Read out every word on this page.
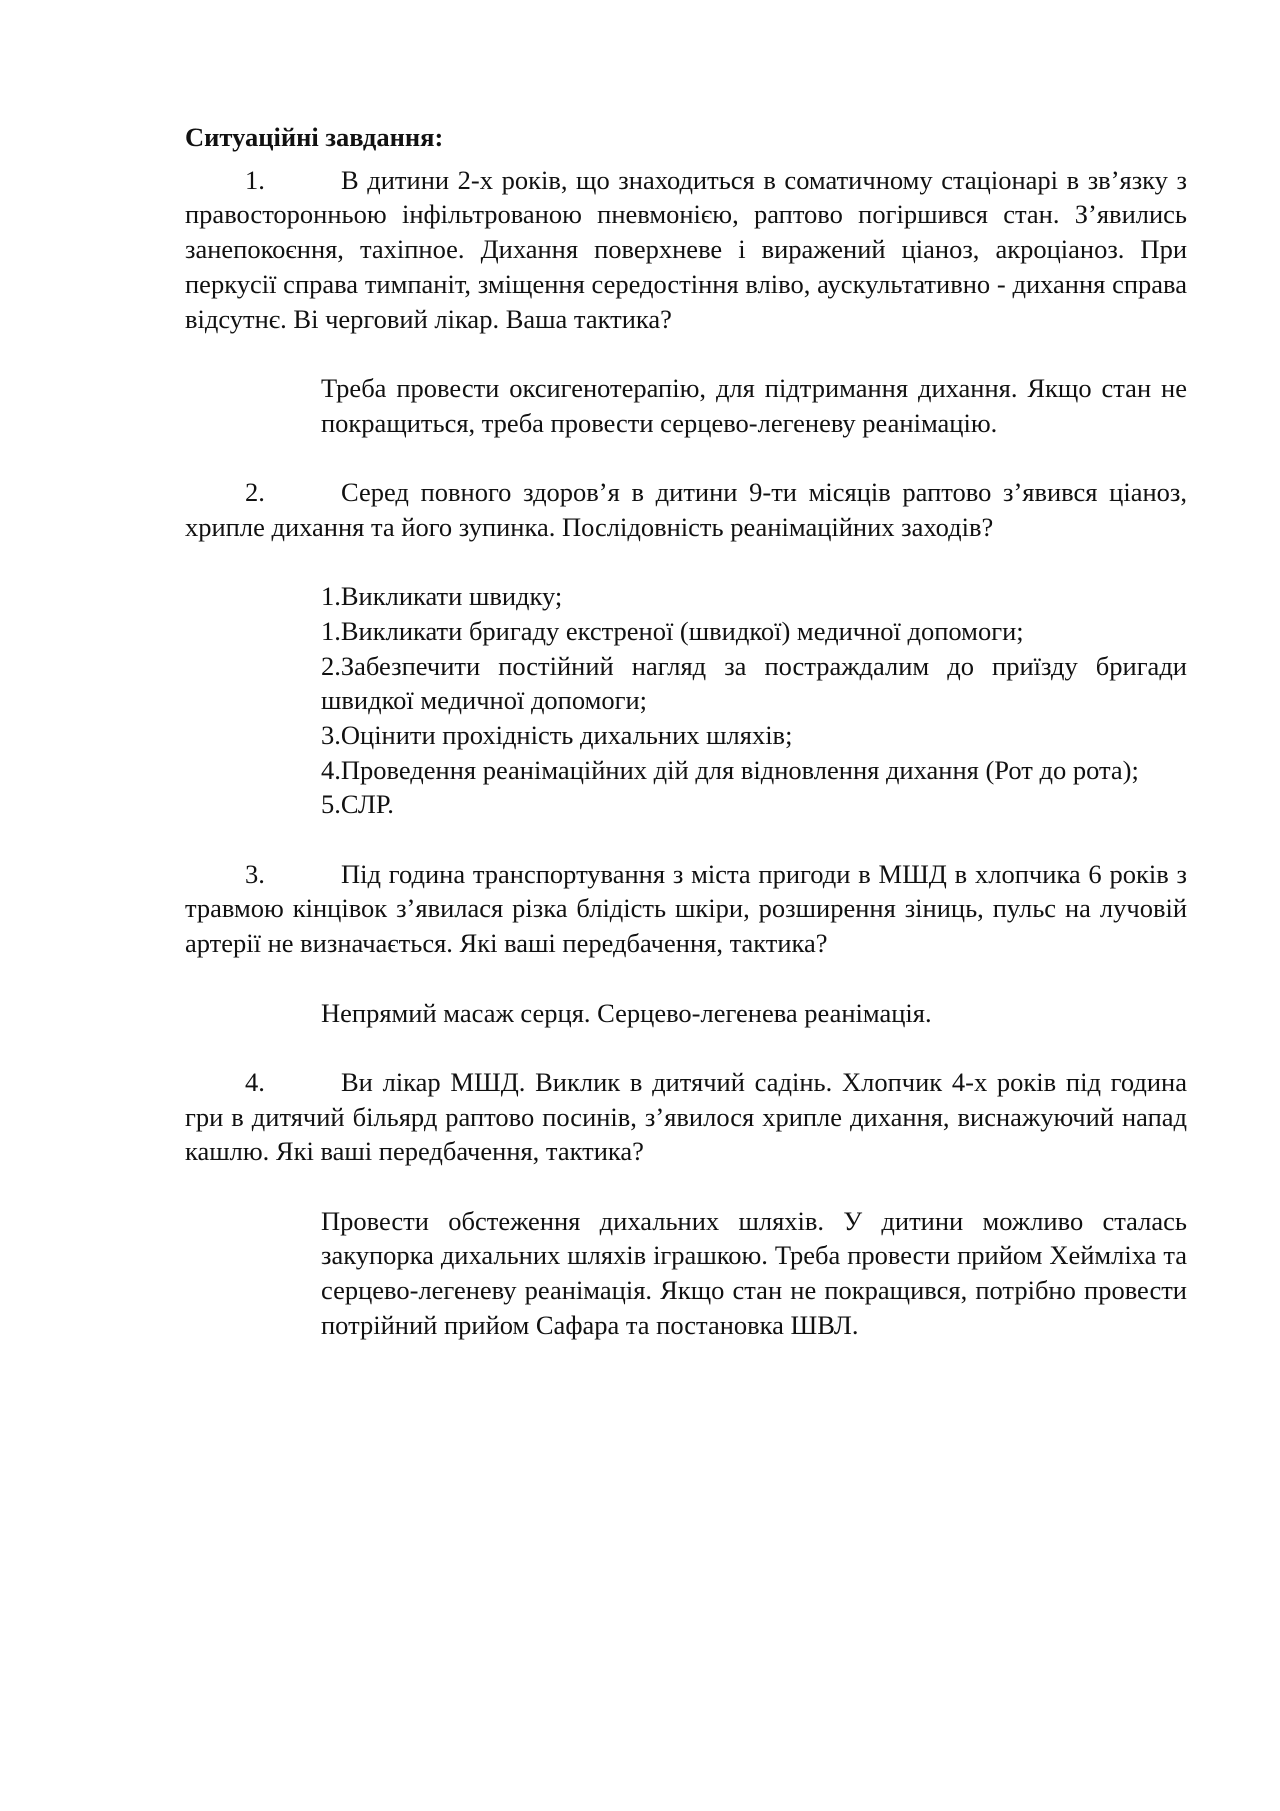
Ситуаційні завдання:

1.	В дитини 2-х років, що знаходиться в соматичному стаціонарі в звʼязку з правосторонньою інфільтрованою пневмонією, раптово погіршився стан. Зʼявились занепокоєння, тахіпное. Дихання поверхневе і виражений ціаноз, акроціаноз. При перкусії справа тимпаніт, зміщення середостіння вліво, аускультативно - дихання справа відсутнє. Ві черговий лікар. Ваша тактика?

Треба провести оксигенотерапію, для підтримання дихання. Якщо стан не покращиться, треба провести серцево-легеневу реанімацію.

2.	Серед повного здоровʼя в дитини 9-ти місяців раптово зʼявився ціаноз, хрипле дихання та його зупинка. Послідовність реанімаційних заходів?

1.Викликати швидку;

1.Викликати бригаду екстреної (швидкої) медичної допомоги;

2.Забезпечити постійний нагляд за постраждалим до приїзду бригади швидкої медичної допомоги;

3.Оцінити прохідність дихальних шляхів;

4.Проведення реанімаційних дій для відновлення дихання (Рот до рота);

5.СЛР.

3.	Під година транспортування з міста пригоди в МШД в хлопчика 6 років з травмою кінцівок зʼявилася різка блідість шкіри, розширення зіниць, пульс на лучовій артерії не визначається. Які ваші передбачення, тактика?

Непрямий масаж серця. Серцево-легенева реанімація.

4.	Ви лікар МШД. Виклик в дитячий садінь. Хлопчик 4-х років під година гри в дитячий більярд раптово посинів, зʼявилося хрипле дихання, виснажуючий напад кашлю. Які ваші передбачення, тактика?

Провести обстеження дихальних шляхів. У дитини можливо сталась закупорка дихальних шляхів іграшкою. Треба провести прийом Хеймліха та серцево-легеневу реанімація. Якщо стан не покращився, потрібно провести потрійний прийом Сафара та постановка ШВЛ.
